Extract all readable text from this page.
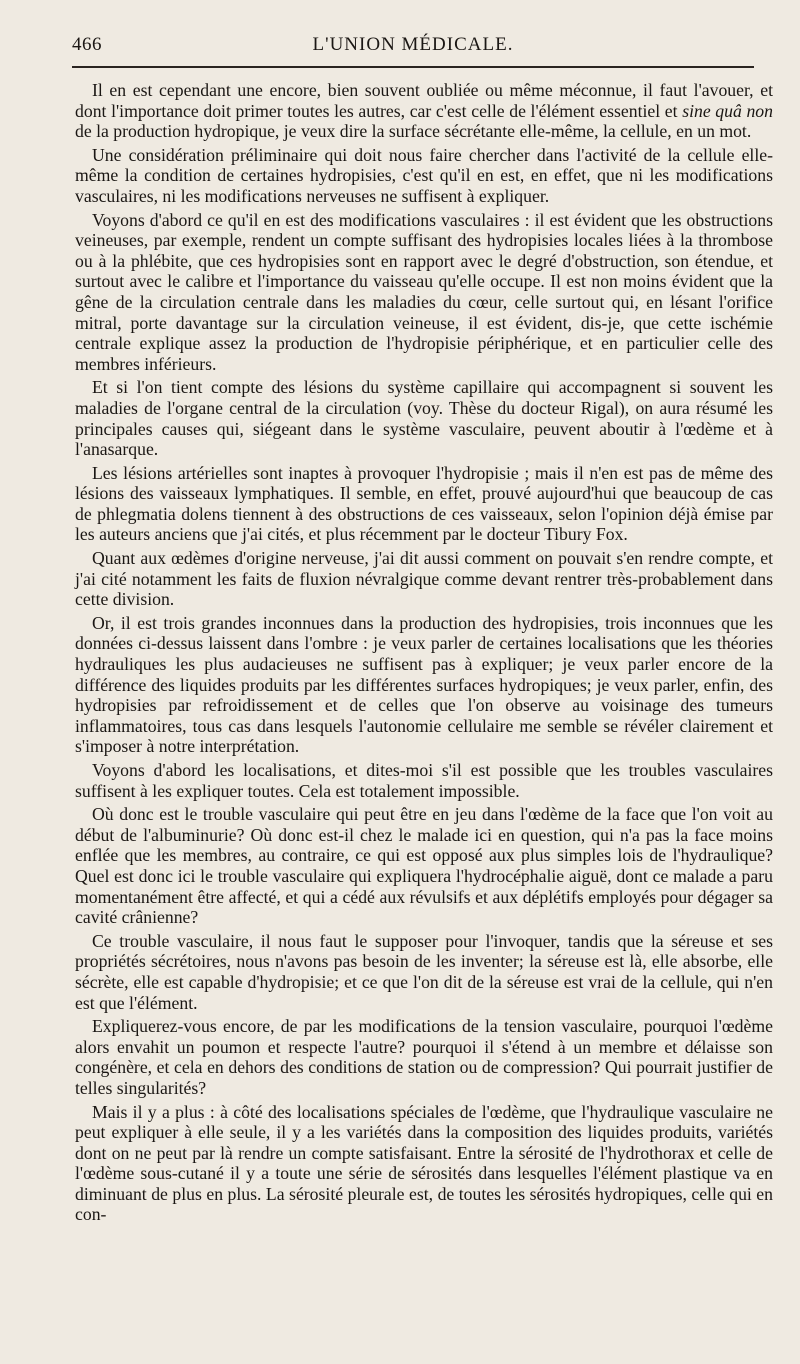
466	L'UNION MÉDICALE.

Il en est cependant une encore, bien souvent oubliée ou même méconnue, il faut l'avouer, et dont l'importance doit primer toutes les autres, car c'est celle de l'élément essentiel et sine quâ non de la production hydropique, je veux dire la surface sécrétante elle-même, la cellule, en un mot.

Une considération préliminaire qui doit nous faire chercher dans l'activité de la cellule elle-même la condition de certaines hydropisies, c'est qu'il en est, en effet, que ni les modifications vasculaires, ni les modifications nerveuses ne suffisent à expliquer.

Voyons d'abord ce qu'il en est des modifications vasculaires : il est évident que les obstructions veineuses, par exemple, rendent un compte suffisant des hydropisies locales liées à la thrombose ou à la phlébite, que ces hydropisies sont en rapport avec le degré d'obstruction, son étendue, et surtout avec le calibre et l'importance du vaisseau qu'elle occupe. Il est non moins évident que la gêne de la circulation centrale dans les maladies du cœur, celle surtout qui, en lésant l'orifice mitral, porte davantage sur la circulation veineuse, il est évident, dis-je, que cette ischémie centrale explique assez la production de l'hydropisie périphérique, et en particulier celle des membres inférieurs.

Et si l'on tient compte des lésions du système capillaire qui accompagnent si souvent les maladies de l'organe central de la circulation (voy. Thèse du docteur Rigal), on aura résumé les principales causes qui, siégeant dans le système vasculaire, peuvent aboutir à l'œdème et à l'anasarque.

Les lésions artérielles sont inaptes à provoquer l'hydropisie ; mais il n'en est pas de même des lésions des vaisseaux lymphatiques. Il semble, en effet, prouvé aujourd'hui que beaucoup de cas de phlegmatia dolens tiennent à des obstructions de ces vaisseaux, selon l'opinion déjà émise par les auteurs anciens que j'ai cités, et plus récemment par le docteur Tibury Fox.

Quant aux œdèmes d'origine nerveuse, j'ai dit aussi comment on pouvait s'en rendre compte, et j'ai cité notamment les faits de fluxion névralgique comme devant rentrer très-probablement dans cette division.

Or, il est trois grandes inconnues dans la production des hydropisies, trois inconnues que les données ci-dessus laissent dans l'ombre : je veux parler de certaines localisations que les théories hydrauliques les plus audacieuses ne suffisent pas à expliquer; je veux parler encore de la différence des liquides produits par les différentes surfaces hydropiques; je veux parler, enfin, des hydropisies par refroidissement et de celles que l'on observe au voisinage des tumeurs inflammatoires, tous cas dans lesquels l'autonomie cellulaire me semble se révéler clairement et s'imposer à notre interprétation.

Voyons d'abord les localisations, et dites-moi s'il est possible que les troubles vasculaires suffisent à les expliquer toutes. Cela est totalement impossible.

Où donc est le trouble vasculaire qui peut être en jeu dans l'œdème de la face que l'on voit au début de l'albuminurie? Où donc est-il chez le malade ici en question, qui n'a pas la face moins enflée que les membres, au contraire, ce qui est opposé aux plus simples lois de l'hydraulique? Quel est donc ici le trouble vasculaire qui expliquera l'hydrocéphalie aiguë, dont ce malade a paru momentanément être affecté, et qui a cédé aux révulsifs et aux déplétifs employés pour dégager sa cavité crânienne?

Ce trouble vasculaire, il nous faut le supposer pour l'invoquer, tandis que la séreuse et ses propriétés sécrétoires, nous n'avons pas besoin de les inventer; la séreuse est là, elle absorbe, elle sécrète, elle est capable d'hydropisie; et ce que l'on dit de la séreuse est vrai de la cellule, qui n'en est que l'élément.

Expliquerez-vous encore, de par les modifications de la tension vasculaire, pourquoi l'œdème alors envahit un poumon et respecte l'autre? pourquoi il s'étend à un membre et délaisse son congénère, et cela en dehors des conditions de station ou de compression? Qui pourrait justifier de telles singularités?

Mais il y a plus : à côté des localisations spéciales de l'œdème, que l'hydraulique vasculaire ne peut expliquer à elle seule, il y a les variétés dans la composition des liquides produits, variétés dont on ne peut par là rendre un compte satisfaisant. Entre la sérosité de l'hydrothorax et celle de l'œdème sous-cutané il y a toute une série de sérosités dans lesquelles l'élément plastique va en diminuant de plus en plus. La sérosité pleurale est, de toutes les sérosités hydropiques, celle qui en con-
